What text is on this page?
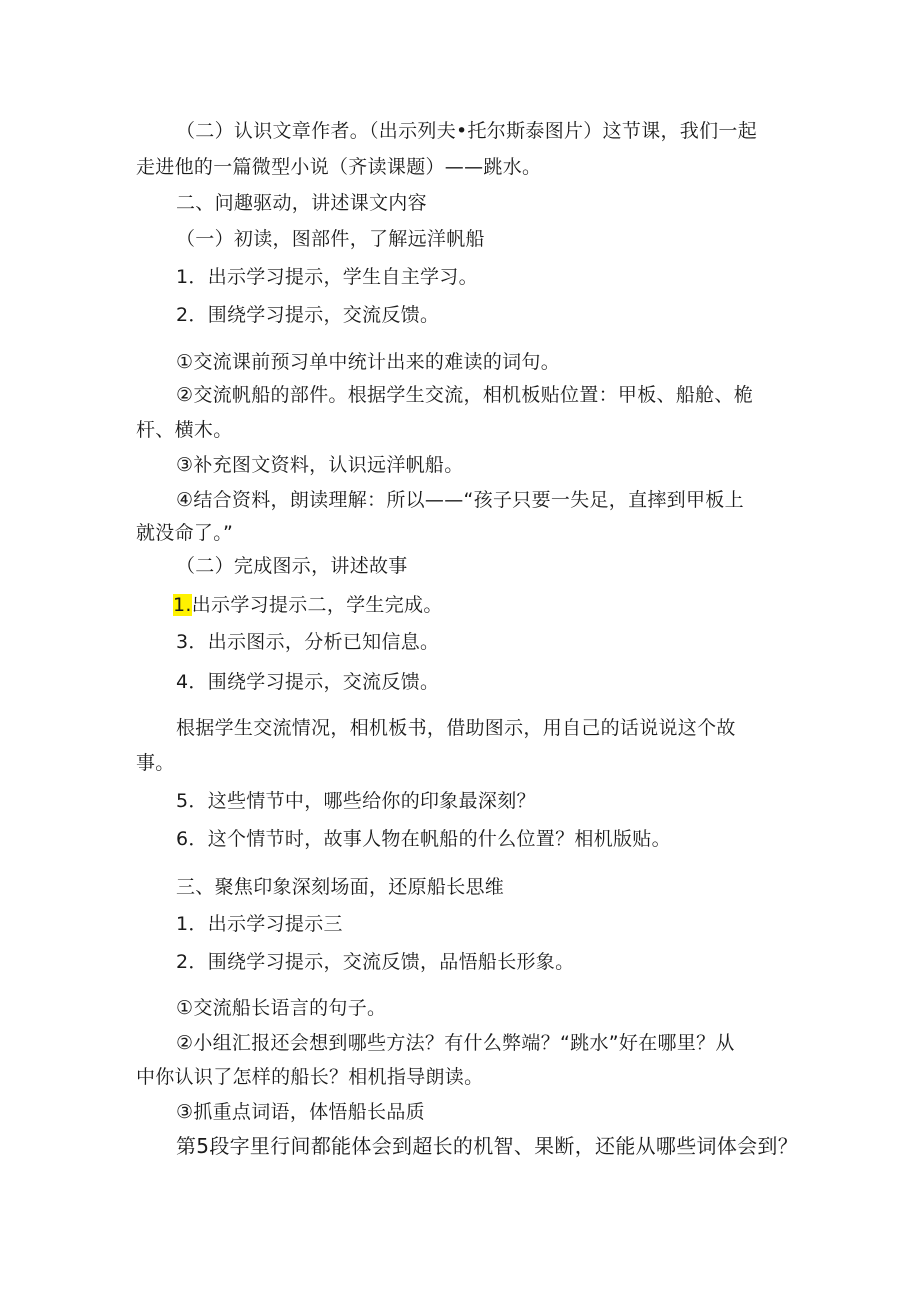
（二）认识文章作者。（出示列夫•托尔斯泰图片）这节课，我们一起
走进他的一篇微型小说（齐读课题）——跳水。
二、问趣驱动，讲述课文内容
（一）初读，图部件，了解远洋帆船
1．出示学习提示，学生自主学习。
2．围绕学习提示，交流反馈。
①交流课前预习单中统计出来的难读的词句。
②交流帆船的部件。根据学生交流，相机板贴位置：甲板、船舱、桅
杆、横木。
③补充图文资料，认识远洋帆船。
④结合资料，朗读理解：所以——“孩子只要一失足，直摔到甲板上
就没命了。”
（二）完成图示，讲述故事
1.出示学习提示二，学生完成。
3．出示图示，分析已知信息。
4．围绕学习提示，交流反馈。
根据学生交流情况，相机板书，借助图示，用自己的话说说这个故
事。
5．这些情节中，哪些给你的印象最深刻？
6．这个情节时，故事人物在帆船的什么位置？相机版贴。
三、聚焦印象深刻场面，还原船长思维
1．出示学习提示三
2．围绕学习提示，交流反馈，品悟船长形象。
①交流船长语言的句子。
②小组汇报还会想到哪些方法？有什么弊端？“跳水”好在哪里？从
中你认识了怎样的船长？相机指导朗读。
③抓重点词语，体悟船长品质
第5段字里行间都能体会到超长的机智、果断，还能从哪些词体会到？
